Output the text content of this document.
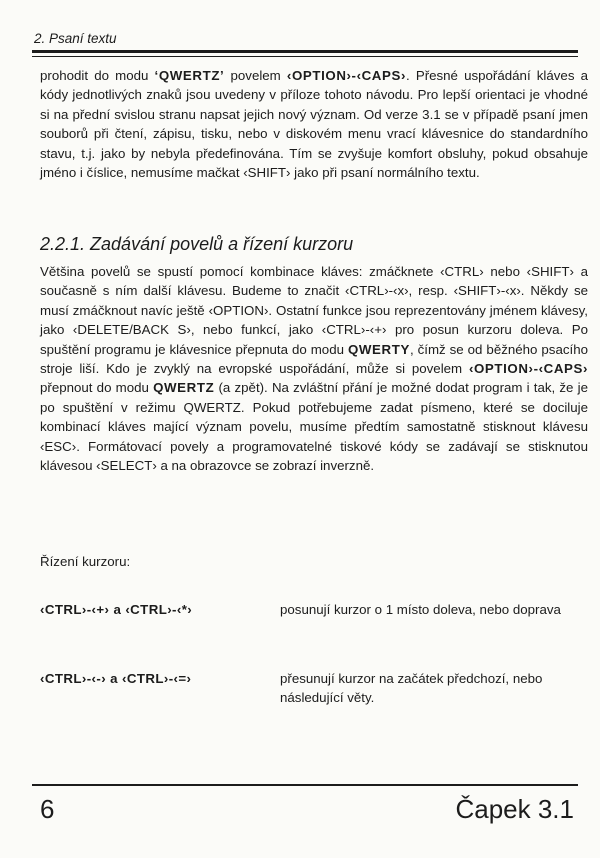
2. Psaní textu

prohodit do modu ‘QWERTZ’ povelem ‹OPTION›-‹CAPS›. Přesné uspořádání kláves a kódy jednotlivých znaků jsou uvedeny v příloze tohoto návodu. Pro lepší orientaci je vhodné si na přední svislou stranu napsat jejich nový význam. Od verze 3.1 se v případě psaní jmen souborů při čtení, zápisu, tisku, nebo v diskovém menu vrací klávesnice do standardního stavu, t.j. jako by nebyla předefinována. Tím se zvyšuje komfort obsluhy, pokud obsahuje jméno i číslice, nemusíme mačkat ‹SHIFT› jako při psaní normálního textu.

2.2.1. Zadávání povelů a řízení kurzoru

Většina povelů se spustí pomocí kombinace kláves: zmáčknete ‹CTRL› nebo ‹SHIFT› a současně s ním další klávesu. Budeme to značit ‹CTRL›-‹x›, resp. ‹SHIFT›-‹x›. Někdy se musí zmáčknout navíc ještě ‹OPTION›. Ostatní funkce jsou reprezentovány jménem klávesy, jako ‹DELETE/BACK S›, nebo funkcí, jako ‹CTRL›-‹+› pro posun kurzoru doleva. Po spuštění programu je klávesnice přepnuta do modu QWERTY, čímž se od běžného psacího stroje liší. Kdo je zvyklý na evropské uspořádání, může si povelem ‹OPTION›-‹CAPS› přepnout do modu QWERTZ (a zpět). Na zvláštní přání je možné dodat program i tak, že je po spuštění v režimu QWERTZ. Pokud potřebujeme zadat písmeno, které se dociluje kombinací kláves mající význam povelu, musíme předtím samostatně stisknout klávesu ‹ESC›. Formátovací povely a programovatelné tiskové kódy se zadávají se stisknutou klávesou ‹SELECT› a na obrazovce se zobrazí inverzně.

Řízení kurzoru:
‹CTRL›-‹+› a ‹CTRL›-‹*›	posunují kurzor o 1 místo doleva, nebo doprava
‹CTRL›-‹-› a ‹CTRL›-‹=›	přesunují kurzor na začátek předchozí, nebo následující věty.
6	Čapek 3.1
